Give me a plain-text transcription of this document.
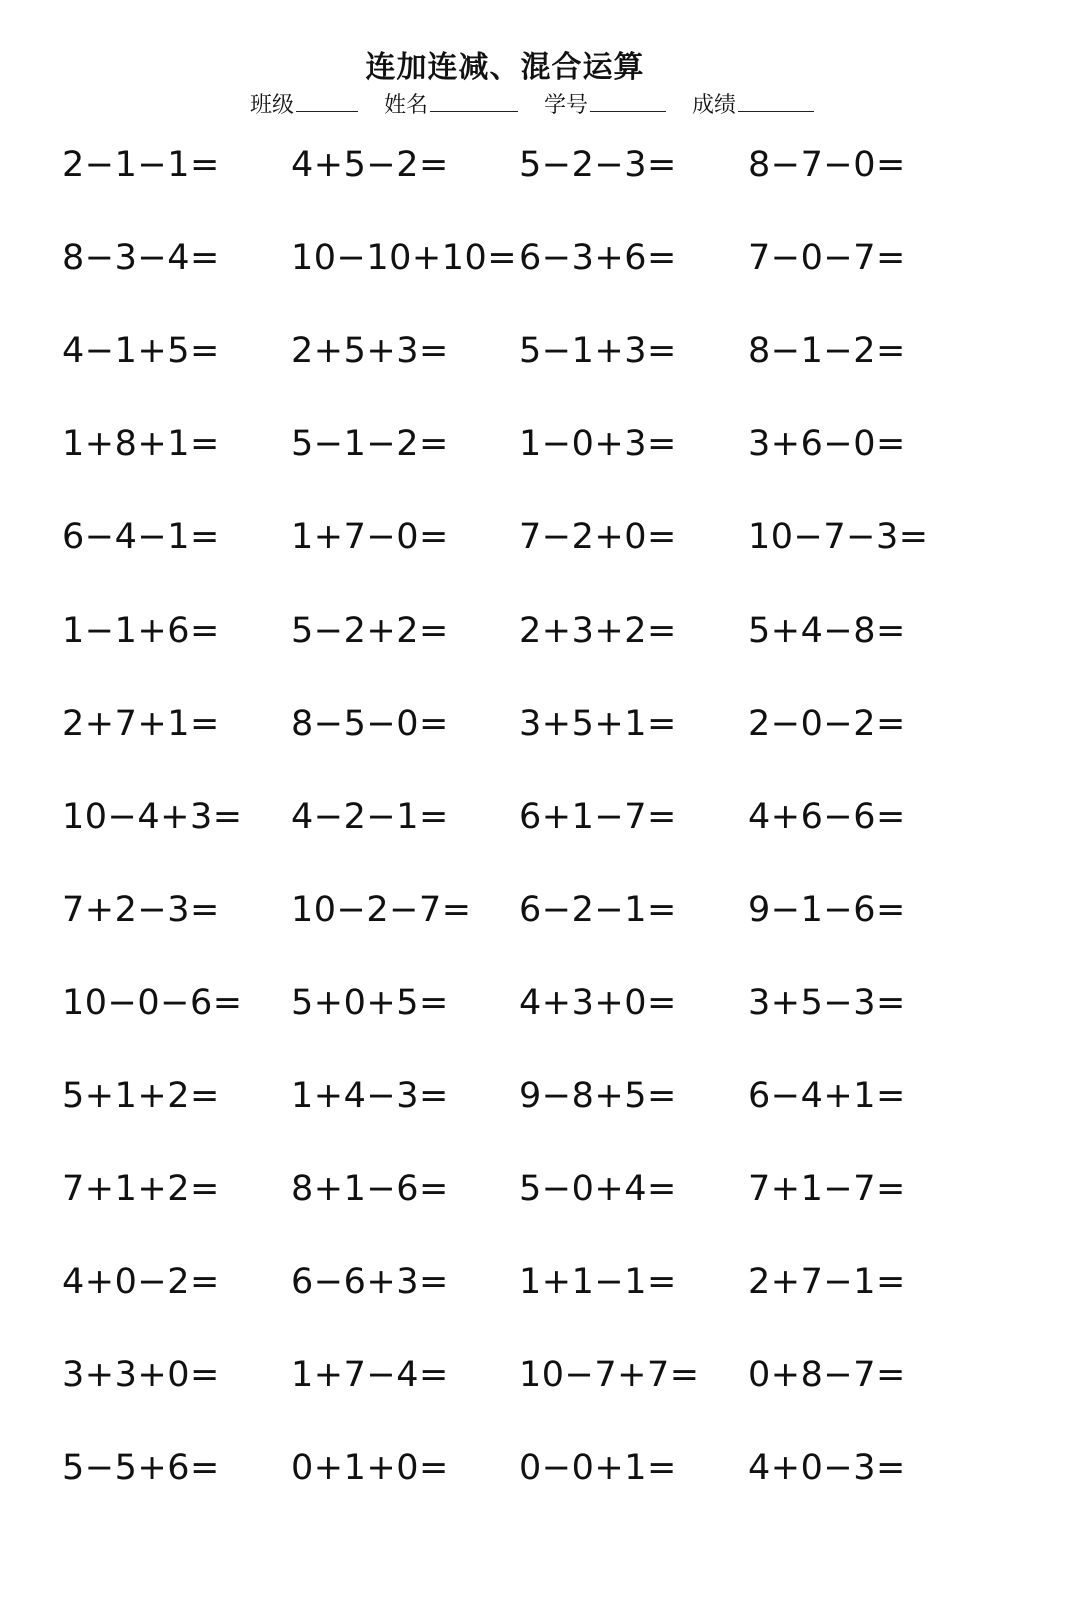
连加连减、混合运算
班级	姓名	学号	成绩
2−1−1= 4+5−2= 5−2−3= 8−7−0=
8−3−4= 10−10+10= 6−3+6= 7−0−7=
4−1+5= 2+5+3= 5−1+3= 8−1−2=
1+8+1= 5−1−2= 1−0+3= 3+6−0=
6−4−1= 1+7−0= 7−2+0= 10−7−3=
1−1+6= 5−2+2= 2+3+2= 5+4−8=
2+7+1= 8−5−0= 3+5+1= 2−0−2=
10−4+3= 4−2−1= 6+1−7= 4+6−6=
7+2−3= 10−2−7= 6−2−1= 9−1−6=
10−0−6= 5+0+5= 4+3+0= 3+5−3=
5+1+2= 1+4−3= 9−8+5= 6−4+1=
7+1+2= 8+1−6= 5−0+4= 7+1−7=
4+0−2= 6−6+3= 1+1−1= 2+7−1=
3+3+0= 1+7−4= 10−7+7= 0+8−7=
5−5+6= 0+1+0= 0−0+1= 4+0−3=
